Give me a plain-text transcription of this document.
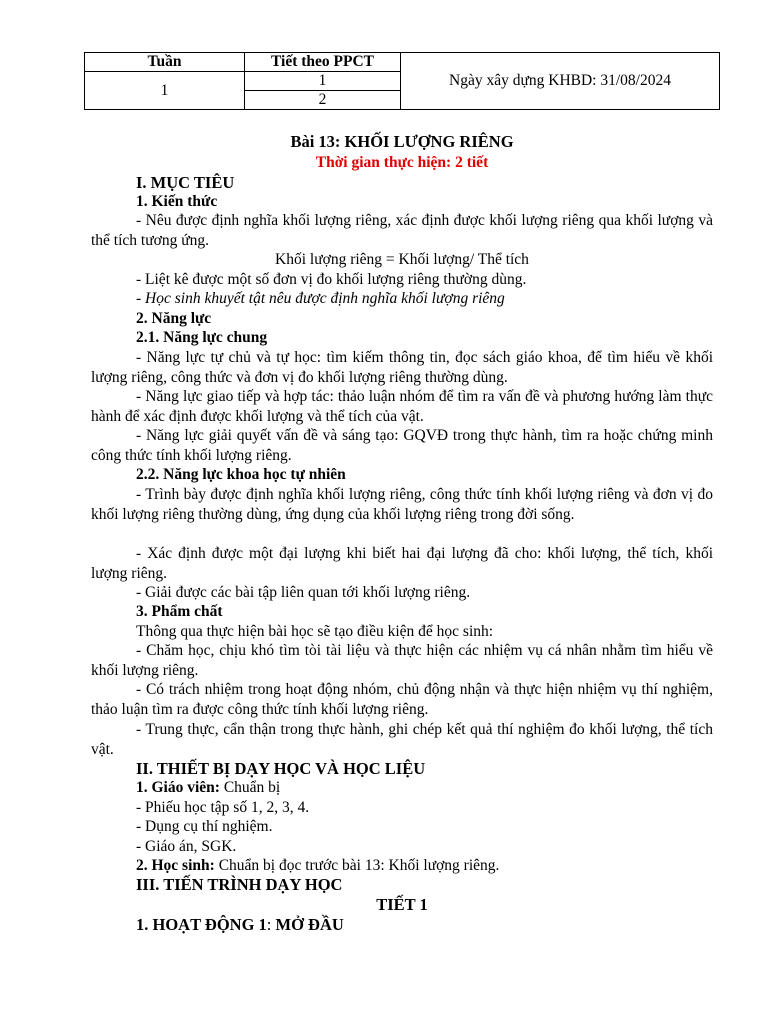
Tuần	Tiết theo PPCT	Ngày xây dựng KHBD: 31/08/2024
1	1	
	2	
Bài 13: KHỐI LƯỢNG RIÊNG
Thời gian thực hiện: 2 tiết
I. MỤC TIÊU
1. Kiến thức
- Nêu được định nghĩa khối lượng riêng, xác định được khối lượng riêng qua khối lượng và thể tích tương ứng.
Khối lượng riêng = Khối lượng/ Thể tích
- Liệt kê được một số đơn vị đo khối lượng riêng thường dùng.
- Học sinh khuyết tật nêu được định nghĩa khối lượng riêng
2. Năng lực
2.1. Năng lực chung
- Năng lực tự chủ và tự học: tìm kiếm thông tin, đọc sách giáo khoa, để tìm hiểu về khối lượng riêng, công thức và đơn vị đo khối lượng riêng thường dùng.
- Năng lực giao tiếp và hợp tác: thảo luận nhóm để tìm ra vấn đề và phương hướng làm thực hành để xác định được khối lượng và thể tích của vật.
- Năng lực giải quyết vấn đề và sáng tạo: GQVĐ trong thực hành, tìm ra hoặc chứng minh công thức tính khối lượng riêng.
2.2. Năng lực khoa học tự nhiên
- Trình bày được định nghĩa khối lượng riêng, công thức tính khối lượng riêng và đơn vị đo khối lượng riêng thường dùng, ứng dụng của khối lượng riêng trong đời sống.
- Xác định được một đại lượng khi biết hai đại lượng đã cho: khối lượng, thể tích, khối lượng riêng.
- Giải được các bài tập liên quan tới khối lượng riêng.
3. Phẩm chất
Thông qua thực hiện bài học sẽ tạo điều kiện để học sinh:
- Chăm học, chịu khó tìm tòi tài liệu và thực hiện các nhiệm vụ cá nhân nhằm tìm hiểu về khối lượng riêng.
- Có trách nhiệm trong hoạt động nhóm, chủ động nhận và thực hiện nhiệm vụ thí nghiệm, thảo luận tìm ra được công thức tính khối lượng riêng.
- Trung thực, cẩn thận trong thực hành, ghi chép kết quả thí nghiệm đo khối lượng, thể tích vật.
II. THIẾT BỊ DẠY HỌC VÀ HỌC LIỆU
1. Giáo viên: Chuẩn bị
- Phiếu học tập số 1, 2, 3, 4.
- Dụng cụ thí nghiệm.
- Giáo án, SGK.
2. Học sinh: Chuẩn bị đọc trước bài 13: Khối lượng riêng.
III. TIẾN TRÌNH DẠY HỌC
TIẾT 1
1. HOẠT ĐỘNG 1: MỞ ĐẦU
